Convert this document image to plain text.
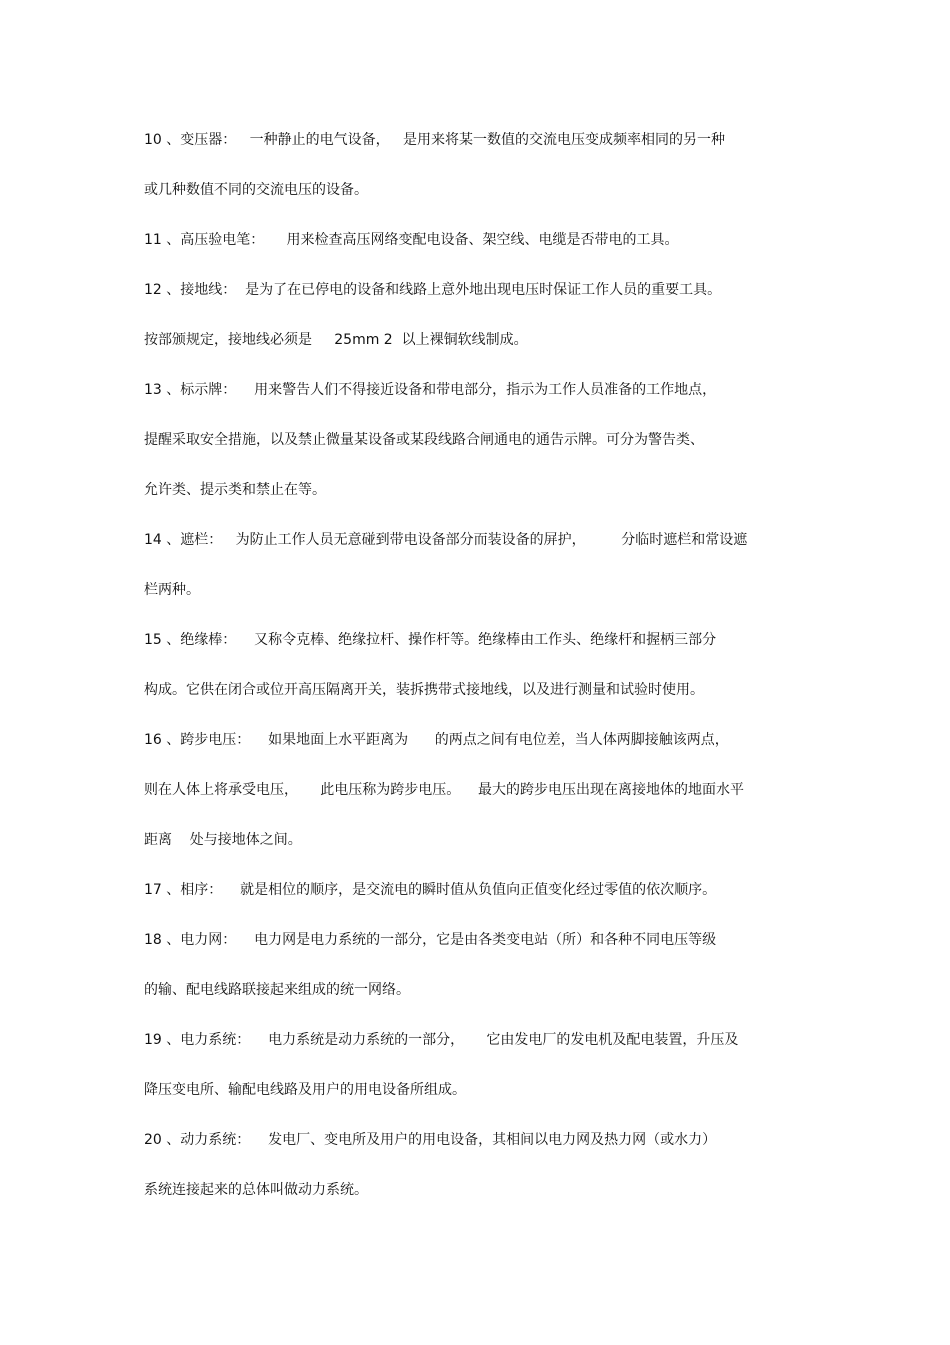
10 、变压器：   一种静止的电气设备，   是用来将某一数值的交流电压变成频率相同的另一种
或几种数值不同的交流电压的设备。
11 、高压验电笔：     用来检查高压网络变配电设备、架空线、电缆是否带电的工具。
12 、接地线：  是为了在已停电的设备和线路上意外地出现电压时保证工作人员的重要工具。
按部颁规定，接地线必须是     25mm 2  以上裸铜软线制成。
13 、标示牌：    用来警告人们不得接近设备和带电部分，指示为工作人员准备的工作地点，
提醒采取安全措施，以及禁止微量某设备或某段线路合闸通电的通告示牌。可分为警告类、
允许类、提示类和禁止在等。
14 、遮栏：   为防止工作人员无意碰到带电设备部分而装设备的屏护，        分临时遮栏和常设遮
栏两种。
15 、绝缘棒：    又称令克棒、绝缘拉杆、操作杆等。绝缘棒由工作头、绝缘杆和握柄三部分
构成。它供在闭合或位开高压隔离开关，装拆携带式接地线，以及进行测量和试验时使用。
16 、跨步电压：    如果地面上水平距离为      的两点之间有电位差，当人体两脚接触该两点，
则在人体上将承受电压，     此电压称为跨步电压。    最大的跨步电压出现在离接地体的地面水平
距离    处与接地体之间。
17 、相序：    就是相位的顺序，是交流电的瞬时值从负值向正值变化经过零值的依次顺序。
18 、电力网：    电力网是电力系统的一部分，它是由各类变电站（所）和各种不同电压等级
的输、配电线路联接起来组成的统一网络。
19 、电力系统：    电力系统是动力系统的一部分，     它由发电厂的发电机及配电装置，升压及
降压变电所、输配电线路及用户的用电设备所组成。
20 、动力系统：    发电厂、变电所及用户的用电设备，其相间以电力网及热力网（或水力）
系统连接起来的总体叫做动力系统。
